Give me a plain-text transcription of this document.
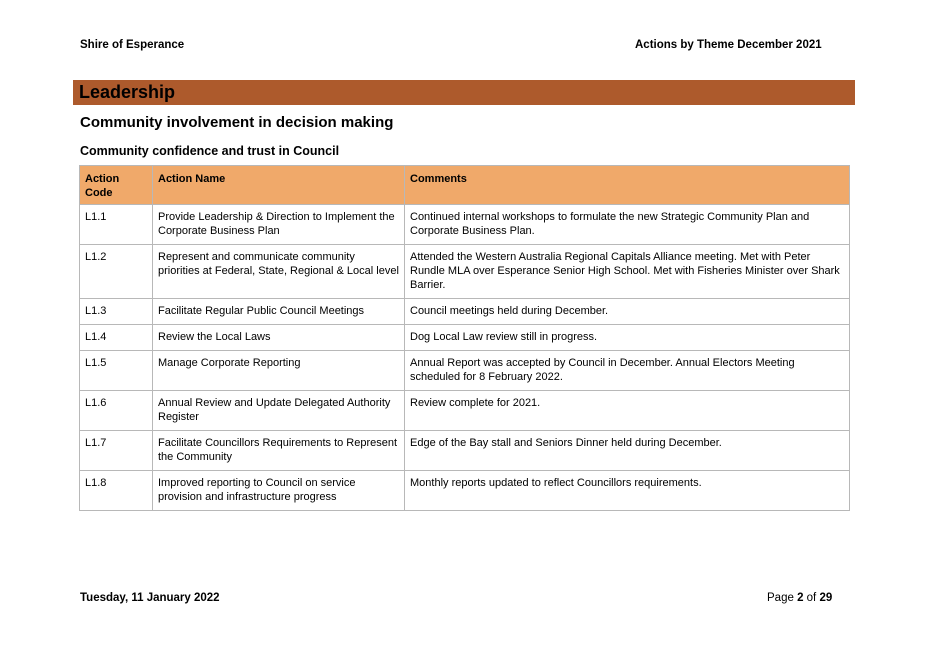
Shire of Esperance	Actions by Theme December 2021
Leadership
Community involvement in decision making
Community confidence and trust in Council
Action Code	Action Name	Comments
L1.1	Provide Leadership & Direction to Implement the Corporate Business Plan	Continued internal workshops to formulate the new Strategic Community Plan and Corporate Business Plan.
L1.2	Represent and communicate community priorities at Federal, State, Regional & Local level	Attended the Western Australia Regional Capitals Alliance meeting. Met with Peter Rundle MLA over Esperance Senior High School. Met with Fisheries Minister over Shark Barrier.
L1.3	Facilitate Regular Public Council Meetings	Council meetings held during December.
L1.4	Review the Local Laws	Dog Local Law review still in progress.
L1.5	Manage Corporate Reporting	Annual Report was accepted by Council in December. Annual Electors Meeting scheduled for 8 February 2022.
L1.6	Annual Review and Update Delegated Authority Register	Review complete for 2021.
L1.7	Facilitate Councillors Requirements to Represent the Community	Edge of the Bay stall and Seniors Dinner held during December.
L1.8	Improved reporting to Council on service provision and infrastructure progress	Monthly reports updated to reflect Councillors requirements.
Tuesday, 11 January 2022	Page 2 of 29
